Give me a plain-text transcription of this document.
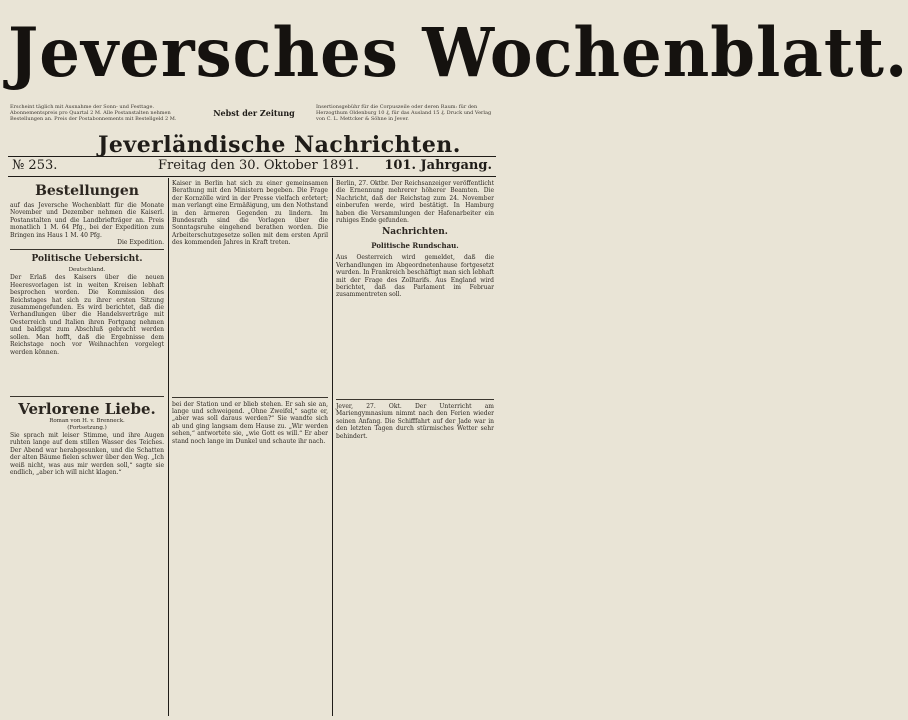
Jeversches Wochenblatt.
Erscheint täglich mit Ausnahme der Sonn- und Festtage. Abonnementspreis pro Quartal 2 M. Alle Postanstalten nehmen Bestellungen an. Preis der Postabonnements mit Bestellgeld 2 M.
Nebst der Zeitung
Insertionsgebühr für die Corpuszeile oder deren Raum: für den Herzogthum Oldenburg 10 ₰, für das Ausland 15 ₰. Druck und Verlag von C. L. Mettcker & Söhne in Jever.
Jeverländische Nachrichten.
№ 253.	Freitag den 30. Oktober 1891. 101. Jahrgang.
Bestellungen
auf das Jeversche Wochenblatt für die Monate November und Dezember nehmen die Kaiserl. Postanstalten und die Landbriefträger an. Preis monatlich 1 M. 64 Pfg., bei der Expedition zum Bringen ins Haus 1 M. 40 Pfg.
Die Expedition.
Politische Uebersicht.
Deutschland.
Der Erlaß des Kaisers über die neuen Heeresvorlagen ist in weiten Kreisen lebhaft besprochen worden. Die Kommission des Reichstages hat sich zu ihrer ersten Sitzung zusammengefunden. Es wird berichtet, daß die Verhandlungen über die Handelsverträge mit Oesterreich und Italien ihren Fortgang nehmen und baldigst zum Abschluß gebracht werden sollen. Man hofft, daß die Ergebnisse dem Reichstage noch vor Weihnachten vorgelegt werden können.
Verlorene Liebe.
Roman von H. v. Brenneck.
(Fortsetzung.)
Sie sprach mit leiser Stimme, und ihre Augen ruhten lange auf dem stillen Wasser des Teiches. Der Abend war herabgesunken, und die Schatten der alten Bäume fielen schwer über den Weg. „Ich weiß nicht, was aus mir werden soll,“ sagte sie endlich, „aber ich will nicht klagen.“
Kaiser in Berlin hat sich zu einer gemeinsamen Berathung mit den Ministern begeben. Die Frage der Kornzölle wird in der Presse vielfach erörtert; man verlangt eine Ermäßigung, um den Nothstand in den ärmeren Gegenden zu lindern. Im Bundesrath sind die Vorlagen über die Sonntagsruhe eingehend berathen worden. Die Arbeiterschutzgesetze sollen mit dem ersten April des kommenden Jahres in Kraft treten.
bei der Station und er blieb stehen. Er sah sie an, lange und schweigend. „Ohne Zweifel,“ sagte er, „aber was soll daraus werden?“ Sie wandte sich ab und ging langsam dem Hause zu. „Wir werden sehen,“ antwortete sie, „wie Gott es will.“ Er aber stand noch lange im Dunkel und schaute ihr nach.
Berlin, 27. Oktbr. Der Reichsanzeiger veröffentlicht die Ernennung mehrerer höherer Beamten. Die Nachricht, daß der Reichstag zum 24. November einberufen werde, wird bestätigt. In Hamburg haben die Versammlungen der Hafenarbeiter ein ruhiges Ende gefunden.
Nachrichten.
Politische Rundschau.
Aus Oesterreich wird gemeldet, daß die Verhandlungen im Abgeordnetenhause fortgesetzt wurden. In Frankreich beschäftigt man sich lebhaft mit der Frage des Zolltarifs. Aus England wird berichtet, daß das Parlament im Februar zusammentreten soll.
Jever, 27. Okt. Der Unterricht am Mariengymnasium nimmt nach den Ferien wieder seinen Anfang. Die Schifffahrt auf der Jade war in den letzten Tagen durch stürmisches Wetter sehr behindert.
